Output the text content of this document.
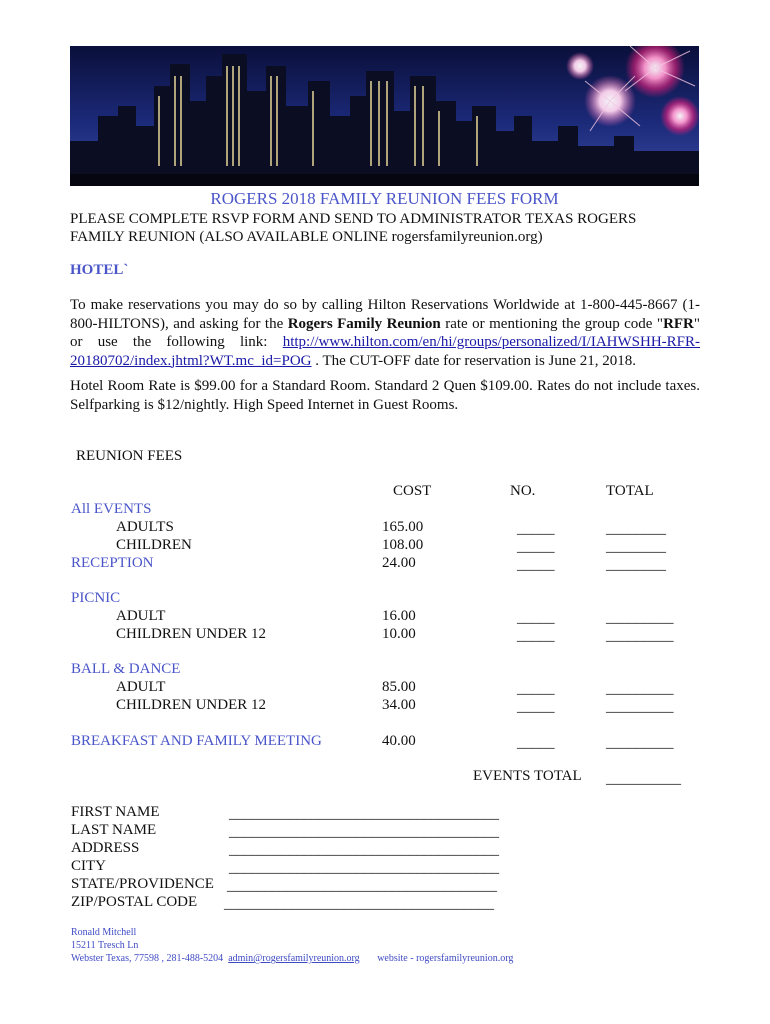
ROGERS 2018 FAMILY REUNION FEES FORM
PLEASE COMPLETE RSVP FORM AND SEND TO ADMINISTRATOR TEXAS ROGERS
FAMILY REUNION (ALSO AVAILABLE ONLINE rogersfamilyreunion.org)
HOTEL`
To make reservations you may do so by calling Hilton Reservations Worldwide at 1-800-445-8667 (1-800-HILTONS), and asking for the Rogers Family Reunion rate or mentioning the group code "RFR" or use the following link: http://www.hilton.com/en/hi/groups/personalized/I/IAHWSHH-RFR-20180702/index.jhtml?WT.mc_id=POG . The CUT-OFF date for reservation is June 21, 2018.
Hotel Room Rate is $99.00 for a Standard Room. Standard 2 Quen $109.00. Rates do not include taxes. Selfparking is $12/nightly. High Speed Internet in Guest Rooms.
REUNION FEES
COST	NO.	TOTAL
All EVENTS
ADULTS	165.00	_____	________
CHILDREN	108.00	_____	________
RECEPTION	24.00	_____	________
PICNIC
ADULT	16.00	_____	_________
CHILDREN UNDER 12	10.00	_____	_________
BALL & DANCE
ADULT	85.00	_____	_________
CHILDREN UNDER 12	34.00	_____	_________
BREAKFAST AND FAMILY MEETING	40.00	_____	_________
EVENTS TOTAL __________
FIRST NAME	____________________________________
LAST NAME	____________________________________
ADDRESS	____________________________________
CITY	____________________________________
STATE/PROVIDENCE ____________________________________
ZIP/POSTAL CODE ____________________________________
Ronald Mitchell
15211 Tresch Ln
Webster Texas, 77598 , 281-488-5204 admin@rogersfamilyreunion.org website - rogersfamilyreunion.org
